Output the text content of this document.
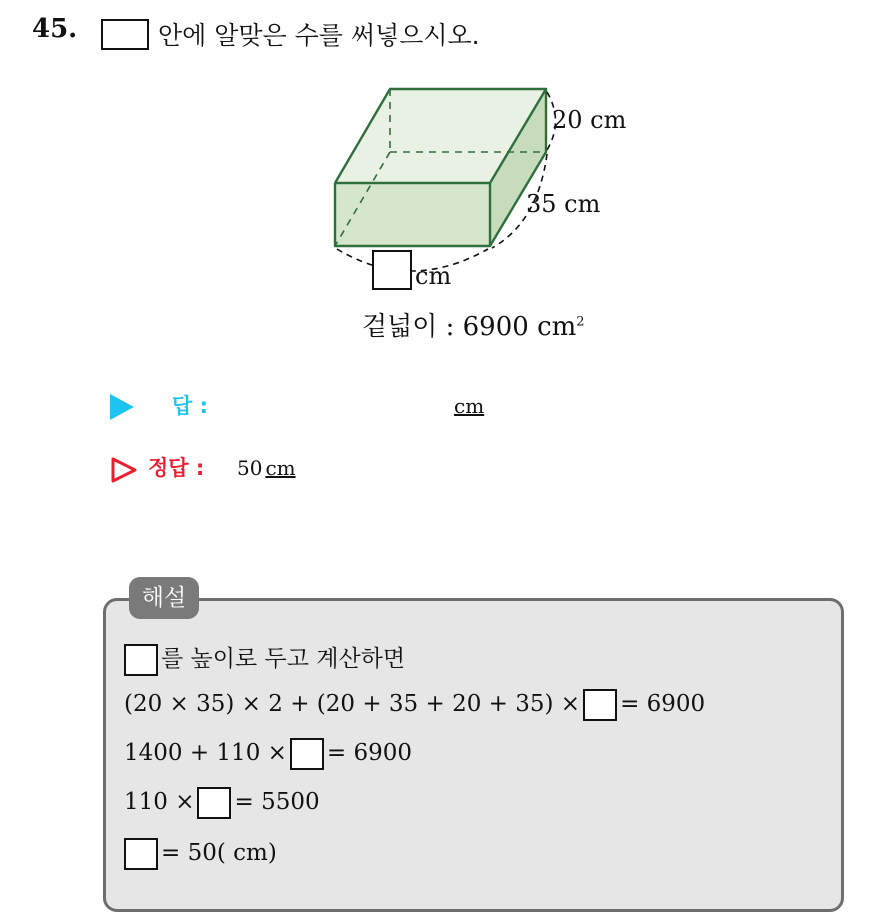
45.	안에 알맞은 수를 써넣으시오.
20 cm
35 cm
cm
겉넓이 : 6900 $cm^2$
답 :	cm
정답 : 50 cm
해설
를 높이로 두고 계산하면
(20 × 35) × 2 + (20 + 35 + 20 + 35) × = 6900
1400 + 110 × = 6900
110 × = 5500
= 50( cm)
